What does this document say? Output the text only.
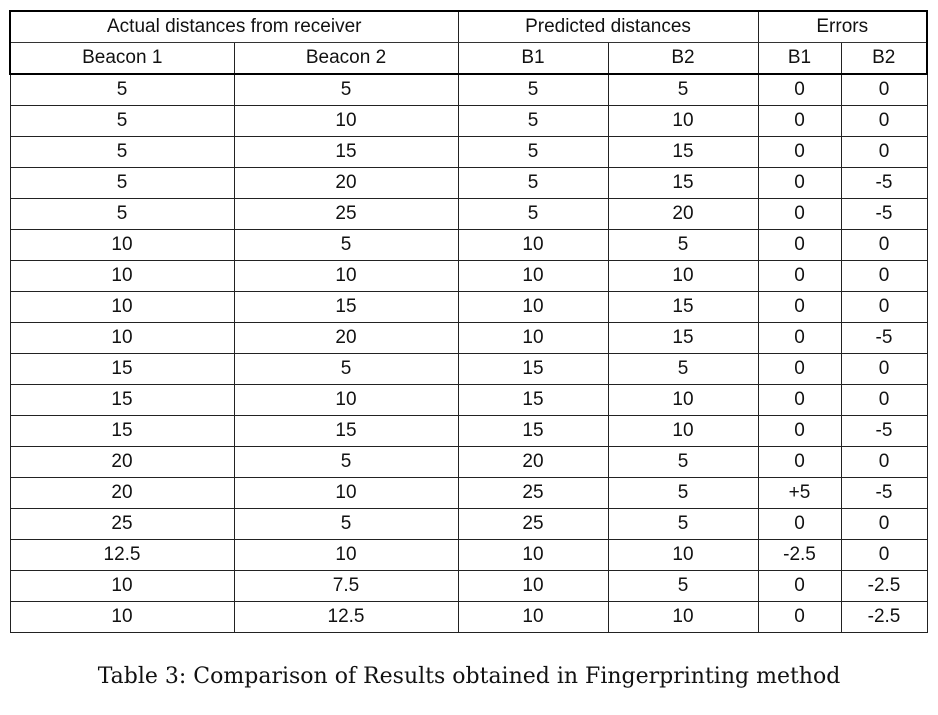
Actual distances from receiver		Predicted distances		Errors	
Beacon 1	Beacon 2	B1	B2	B1	B2
5	5	5	5	0	0
5	10	5	10	0	0
5	15	5	15	0	0
5	20	5	15	0	-5
5	25	5	20	0	-5
10	5	10	5	0	0
10	10	10	10	0	0
10	15	10	15	0	0
10	20	10	15	0	-5
15	5	15	5	0	0
15	10	15	10	0	0
15	15	15	10	0	-5
20	5	20	5	0	0
20	10	25	5	+5	-5
25	5	25	5	0	0
12.5	10	10	10	-2.5	0
10	7.5	10	5	0	-2.5
10	12.5	10	10	0	-2.5
Table 3: Comparison of Results obtained in Fingerprinting method
